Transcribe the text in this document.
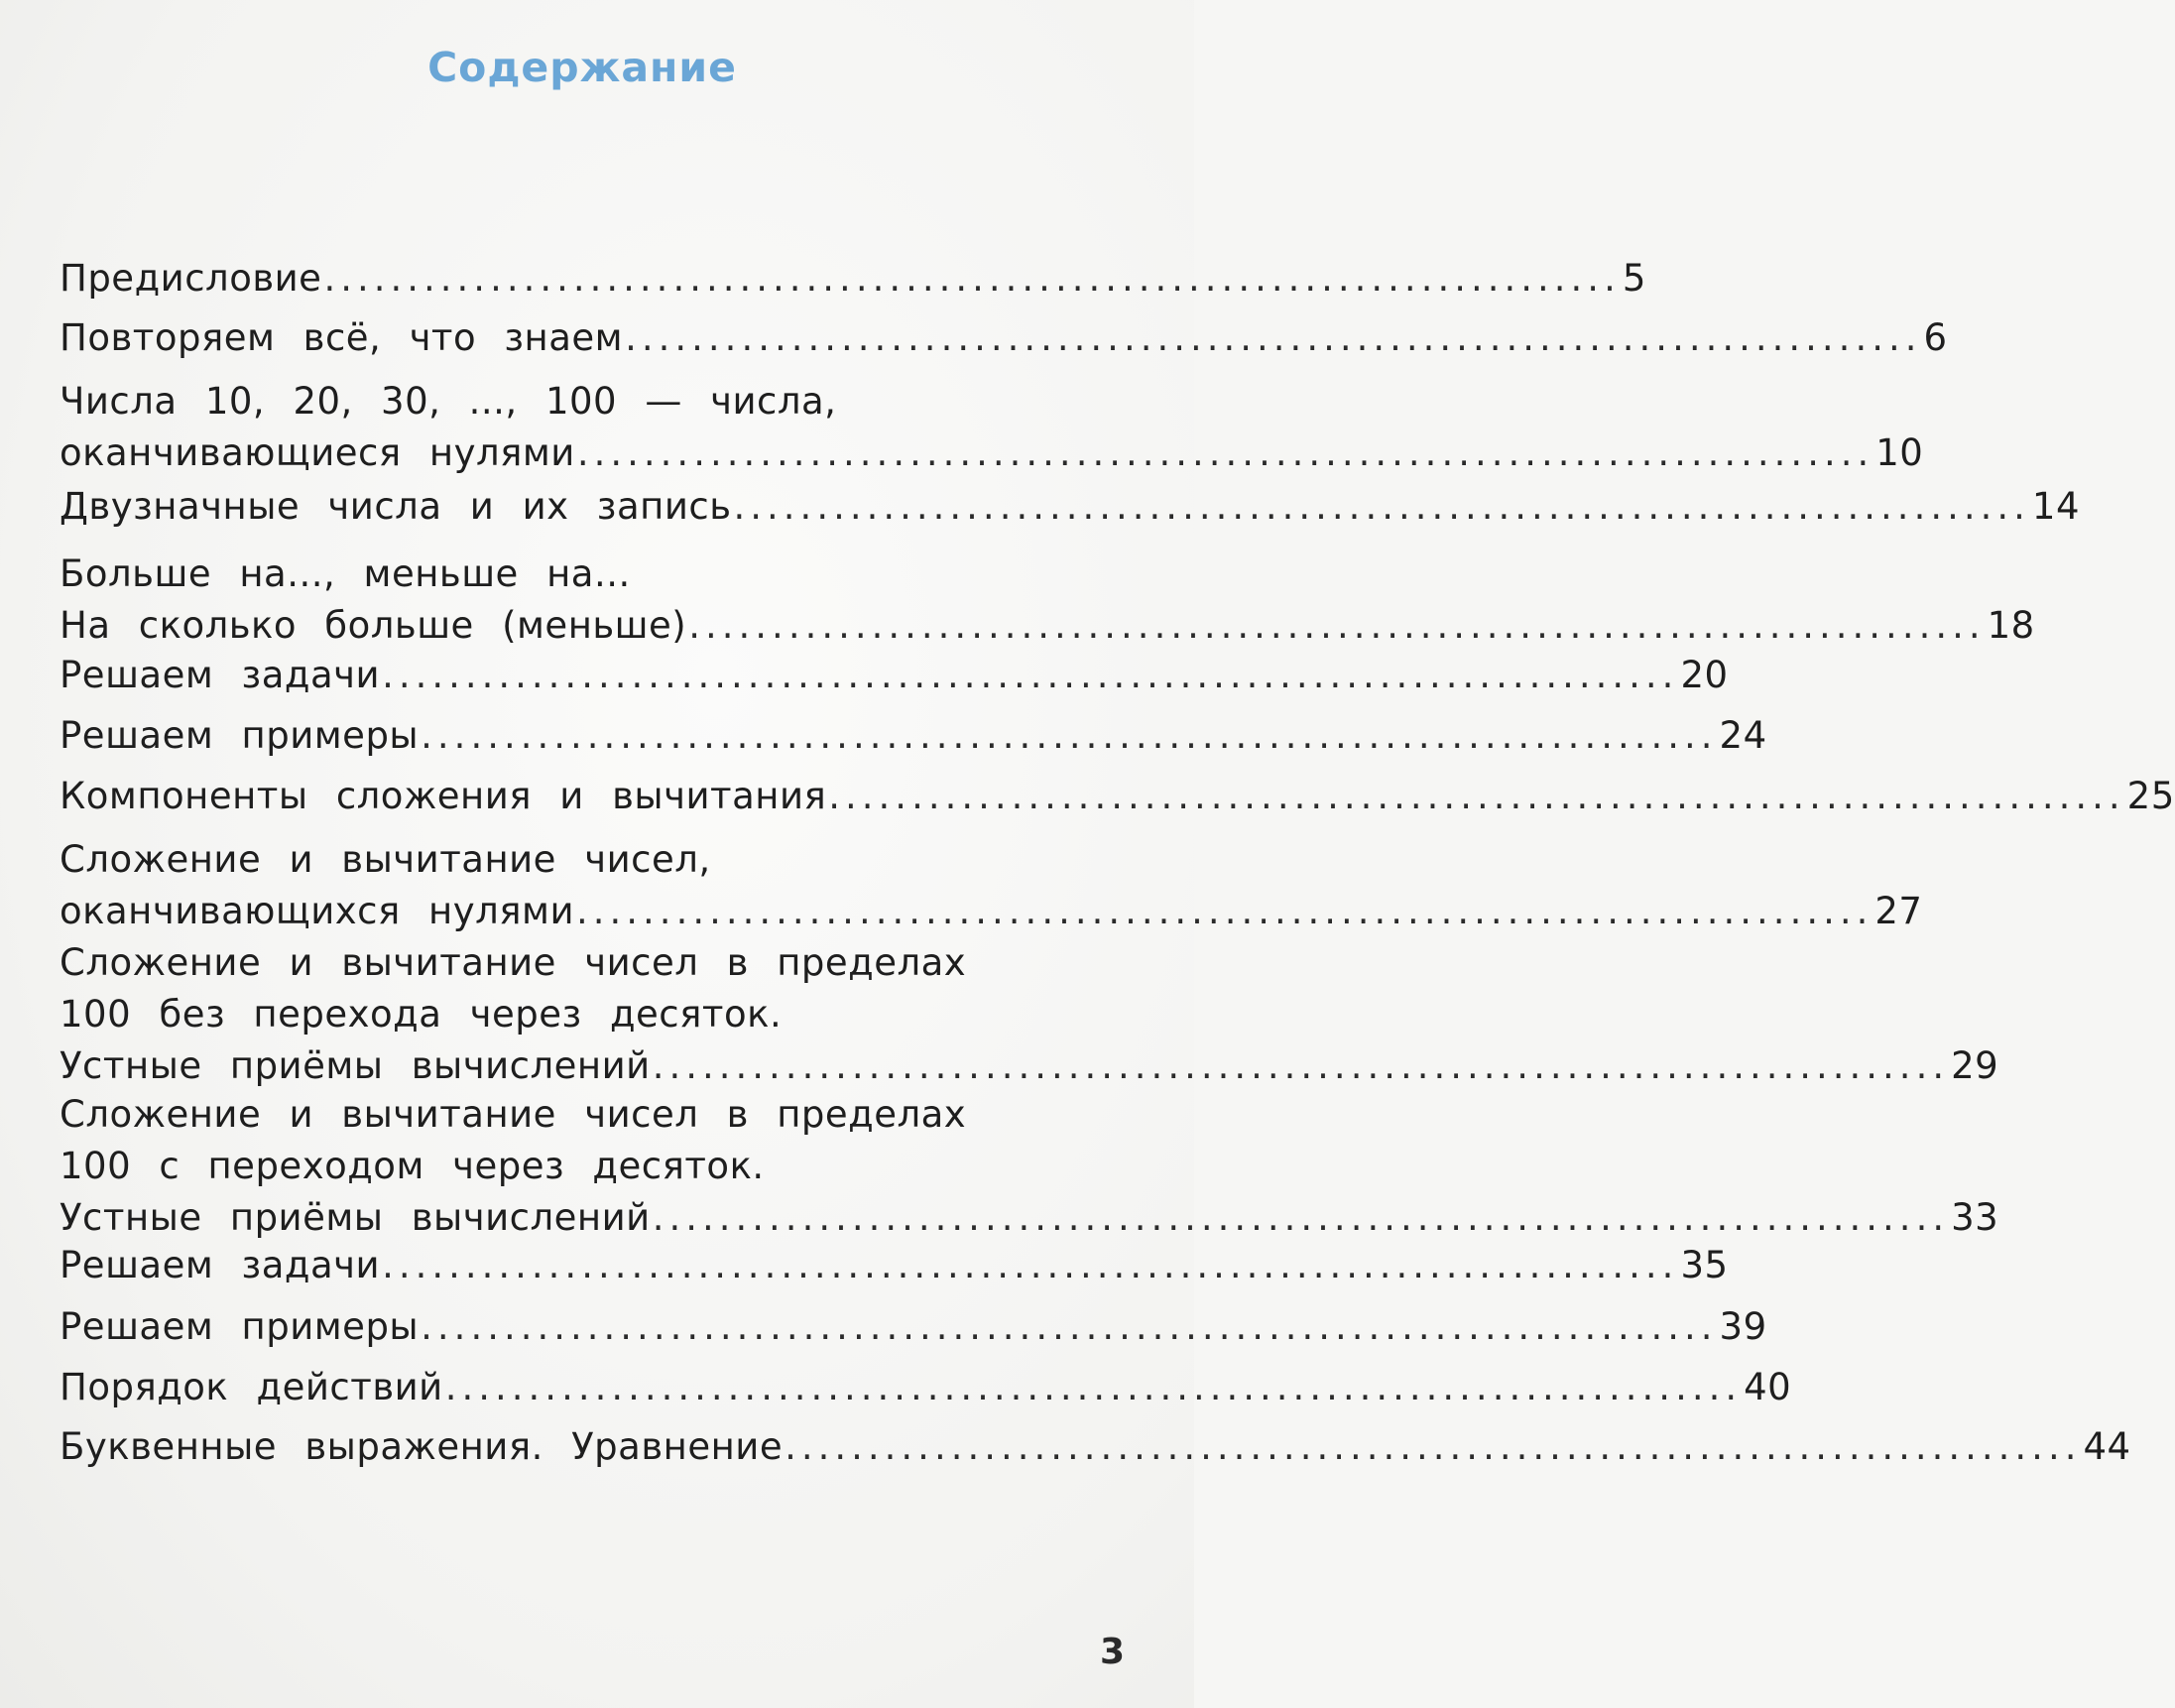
Содержание
Предисловие .............................................................................. 5
Повторяем всё, что знаем .............................................................................. 6
Числа 10, 20, 30, ..., 100 — числа,
оканчивающиеся нулями .............................................................................. 10
Двузначные числа и их запись .............................................................................. 14
Больше на..., меньше на...
На сколько больше (меньше) .............................................................................. 18
Решаем задачи .............................................................................. 20
Решаем примеры .............................................................................. 24
Компоненты сложения и вычитания .............................................................................. 25
Сложение и вычитание чисел,
оканчивающихся нулями .............................................................................. 27
Сложение и вычитание чисел в пределах
100 без перехода через десяток.
Устные приёмы вычислений .............................................................................. 29
Сложение и вычитание чисел в пределах
100 с переходом через десяток.
Устные приёмы вычислений .............................................................................. 33
Решаем задачи .............................................................................. 35
Решаем примеры .............................................................................. 39
Порядок действий .............................................................................. 40
Буквенные выражения. Уравнение .............................................................................. 44
3
